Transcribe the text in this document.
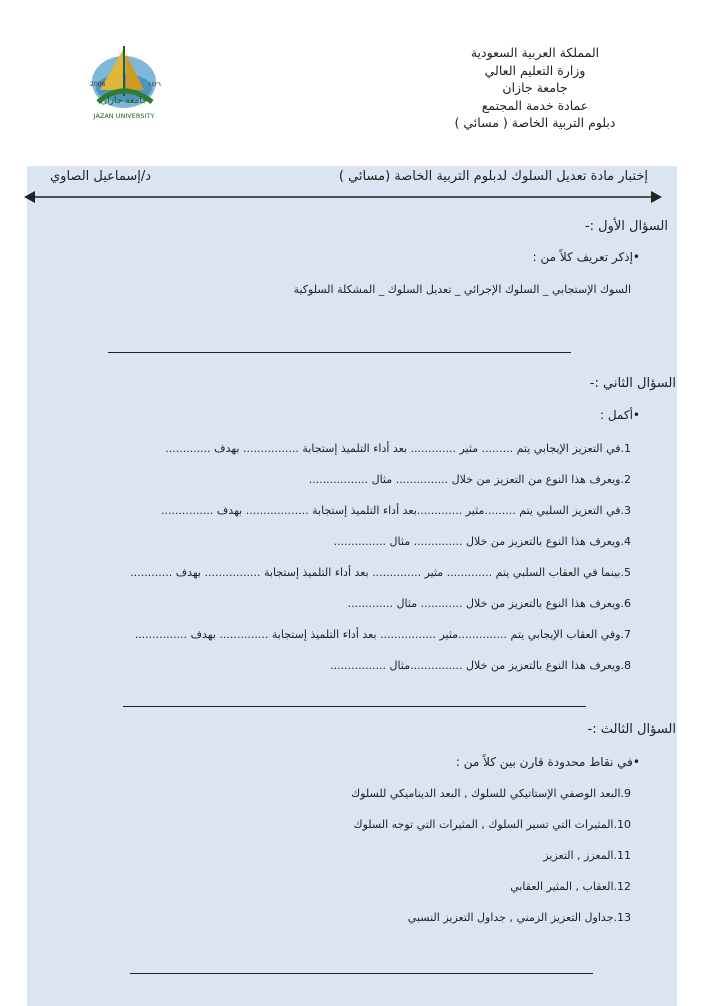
المملكة العربية السعودية
وزارة التعليم العالي
جامعة جازان
عمادة خدمة المجتمع
دبلوم التربية الخاصة ( مسائي )
جامعة جازان
2006	١٤٢٦
JAZAN UNIVERSITY
إختبار مادة تعديل السلوك لدبلوم التربية الخاصة (مسائي )
د/إسماعيل الصاوي
السؤال الأول :-
•إذكر تعريف كلاً من :
السوك الإستجابي _ السلوك الإجرائي _ تعديل السلوك _ المشكلة السلوكية
السؤال الثاني :-
•أكمل :
1.في التعزيز الإيجابي يتم ......... مثير ............. بعد أداء التلميذ إستجابة ................ بهدف .............
2.ويعرف هذا النوع من التعزيز من خلال ............... مثال .................
3.في التعزيز السلبي يتم .........مثير .............بعد أداء التلميذ إستجابة .................. بهدف ...............
4.ويعرف هذا النوع بالتعزيز من خلال .............. مثال ...............
5.بينما في العقاب السلبي يتم ............. مثير .............. بعد أداء التلميذ إستجابة ................ بهدف ............
6.ويعرف هذا النوع بالتعزيز من خلال ............ مثال .............
7.وفي العقاب الإيجابي يتم ..............مثير ................ بعد أداء التلميذ إستجابة .............. بهدف ...............
8.ويعرف هذا النوع بالتعزيز من خلال ...............مثال ................
السؤال الثالث :-
•في نقاط محدودة قارن بين كلاً من :
9.البعد الوصفي الإستاتيكي للسلوك , البعد الديناميكي للسلوك
10.المثيرات التي تسير السلوك , المثيرات التي توجه السلوك
11.المعزز , التعزيز
12.العقاب , المثير العقابي
13.جداول التعزيز الزمني , جداول التعزيز النسبي
